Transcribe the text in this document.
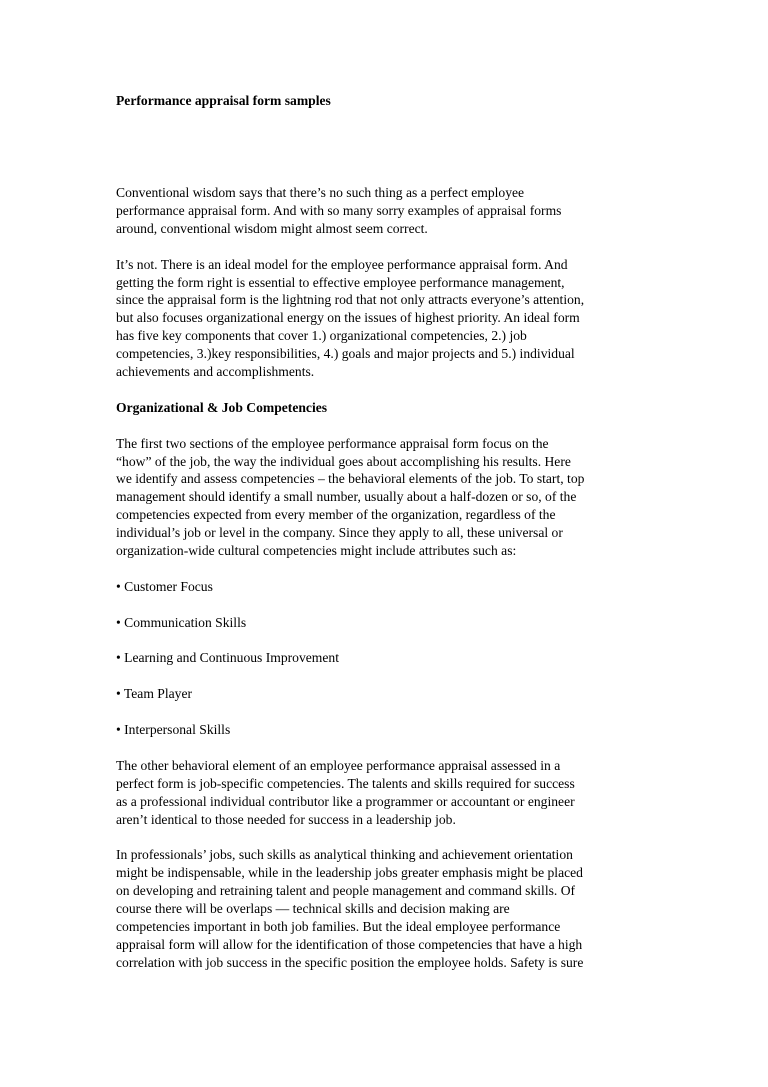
Performance appraisal form samples

Conventional wisdom says that there’s no such thing as a perfect employee
performance appraisal form. And with so many sorry examples of appraisal forms
around, conventional wisdom might almost seem correct.

It’s not. There is an ideal model for the employee performance appraisal form. And
getting the form right is essential to effective employee performance management,
since the appraisal form is the lightning rod that not only attracts everyone’s attention,
but also focuses organizational energy on the issues of highest priority. An ideal form
has five key components that cover 1.) organizational competencies, 2.) job
competencies, 3.)key responsibilities, 4.) goals and major projects and 5.) individual
achievements and accomplishments.

Organizational & Job Competencies

The first two sections of the employee performance appraisal form focus on the
“how” of the job, the way the individual goes about accomplishing his results. Here
we identify and assess competencies – the behavioral elements of the job. To start, top
management should identify a small number, usually about a half-dozen or so, of the
competencies expected from every member of the organization, regardless of the
individual’s job or level in the company. Since they apply to all, these universal or
organization-wide cultural competencies might include attributes such as:

• Customer Focus
• Communication Skills
• Learning and Continuous Improvement
• Team Player
• Interpersonal Skills

The other behavioral element of an employee performance appraisal assessed in a
perfect form is job-specific competencies. The talents and skills required for success
as a professional individual contributor like a programmer or accountant or engineer
aren’t identical to those needed for success in a leadership job.

In professionals’ jobs, such skills as analytical thinking and achievement orientation
might be indispensable, while in the leadership jobs greater emphasis might be placed
on developing and retraining talent and people management and command skills. Of
course there will be overlaps — technical skills and decision making are
competencies important in both job families. But the ideal employee performance
appraisal form will allow for the identification of those competencies that have a high
correlation with job success in the specific position the employee holds. Safety is sure
